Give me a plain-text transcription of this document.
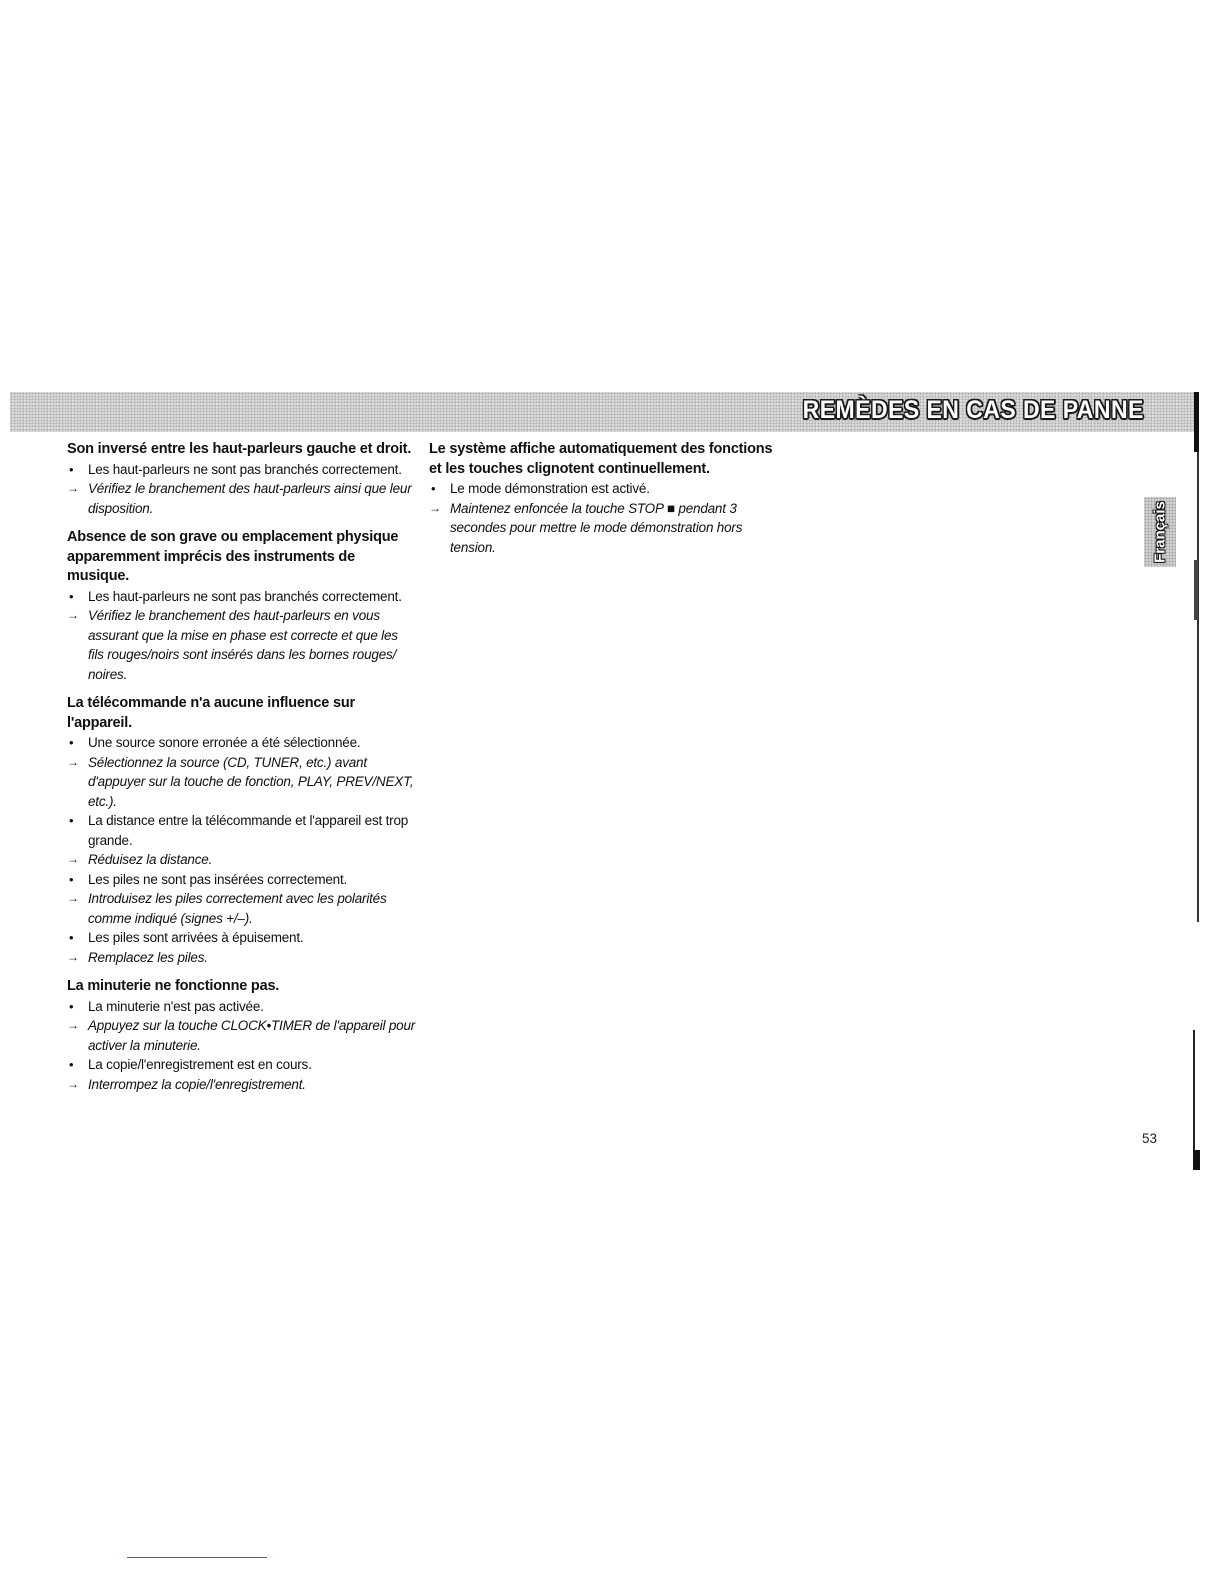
REMÈDES EN CAS DE PANNE
Français
Son inversé entre les haut-parleurs gauche et droit.
•	Les haut-parleurs ne sont pas branchés correctement.
→ Vérifiez le branchement des haut-parleurs ainsi que leur disposition.
Absence de son grave ou emplacement physique apparemment imprécis des instruments de musique.
•	Les haut-parleurs ne sont pas branchés correctement.
→ Vérifiez le branchement des haut-parleurs en vous assurant que la mise en phase est correcte et que les fils rouges/noirs sont insérés dans les bornes rouges/ noires.
La télécommande n'a aucune influence sur l'appareil.
•	Une source sonore erronée a été sélectionnée.
→ Sélectionnez la source (CD, TUNER, etc.) avant d'appuyer sur la touche de fonction, PLAY, PREV/NEXT, etc.).
•	La distance entre la télécommande et l'appareil est trop grande.
→ Réduisez la distance.
•	Les piles ne sont pas insérées correctement.
→ Introduisez les piles correctement avec les polarités comme indiqué (signes +/–).
•	Les piles sont arrivées à épuisement.
→ Remplacez les piles.
La minuterie ne fonctionne pas.
•	La minuterie n'est pas activée.
→ Appuyez sur la touche CLOCK•TIMER de l'appareil pour activer la minuterie.
•	La copie/l'enregistrement est en cours.
→ Interrompez la copie/l'enregistrement.
Le système affiche automatiquement des fonctions et les touches clignotent continuellement.
•	Le mode démonstration est activé.
→ Maintenez enfoncée la touche STOP ■ pendant 3 secondes pour mettre le mode démonstration hors tension.
53
